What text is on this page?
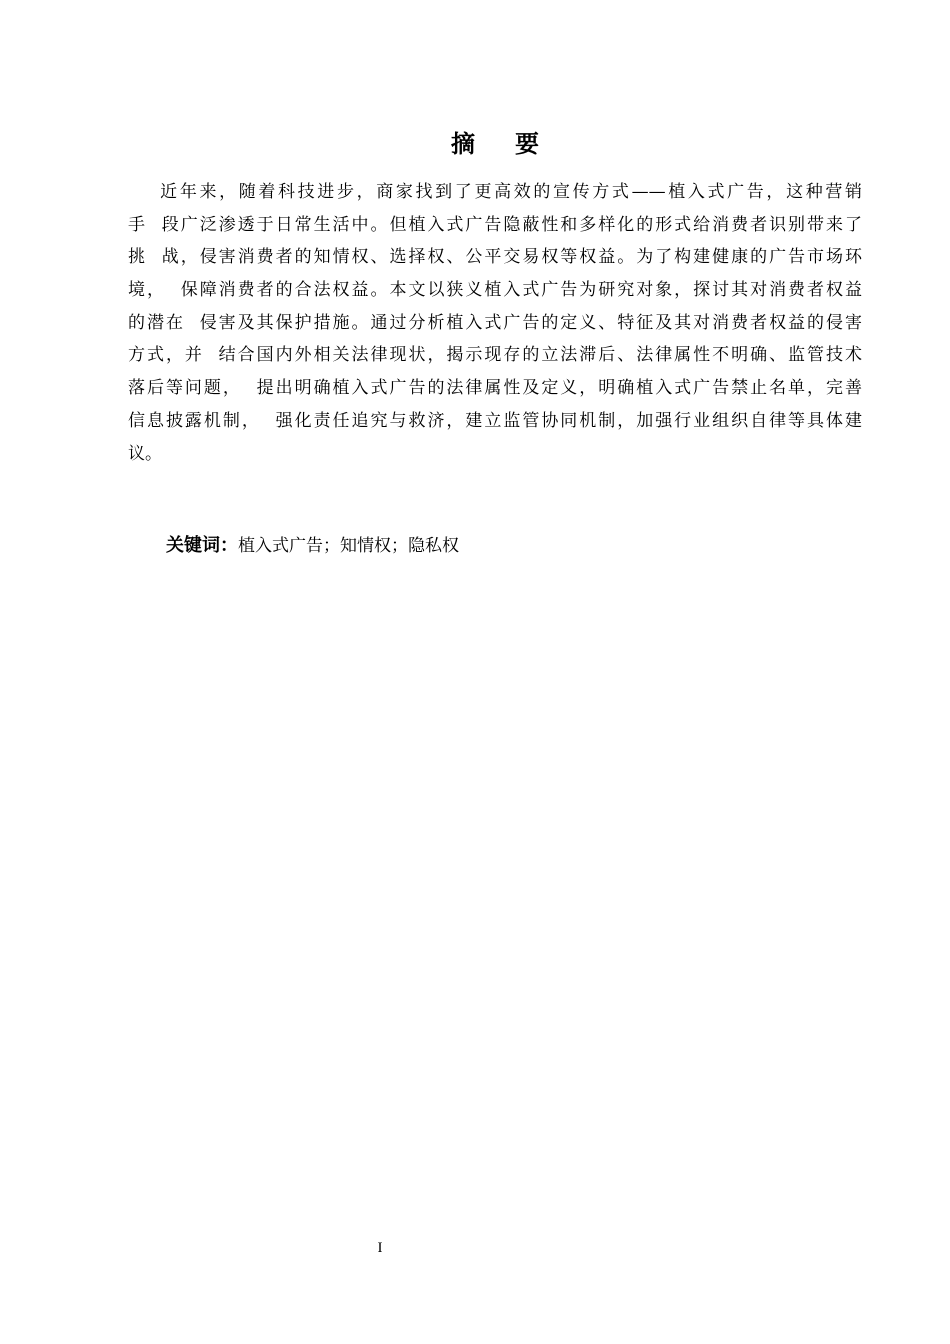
摘 要
近年来，随着科技进步，商家找到了更高效的宣传方式——植入式广告，这种营销
手  段广泛渗透于日常生活中。但植入式广告隐蔽性和多样化的形式给消费者识别带来了
挑  战，侵害消费者的知情权、选择权、公平交易权等权益。为了构建健康的广告市场环
境，  保障消费者的合法权益。本文以狭义植入式广告为研究对象，探讨其对消费者权益
的潜在  侵害及其保护措施。通过分析植入式广告的定义、特征及其对消费者权益的侵害
方式，并  结合国内外相关法律现状，揭示现存的立法滞后、法律属性不明确、监管技术
落后等问题，  提出明确植入式广告的法律属性及定义，明确植入式广告禁止名单，完善
信息披露机制，  强化责任追究与救济，建立监管协同机制，加强行业组织自律等具体建
议。
关键词：植入式广告；知情权；隐私权
I
